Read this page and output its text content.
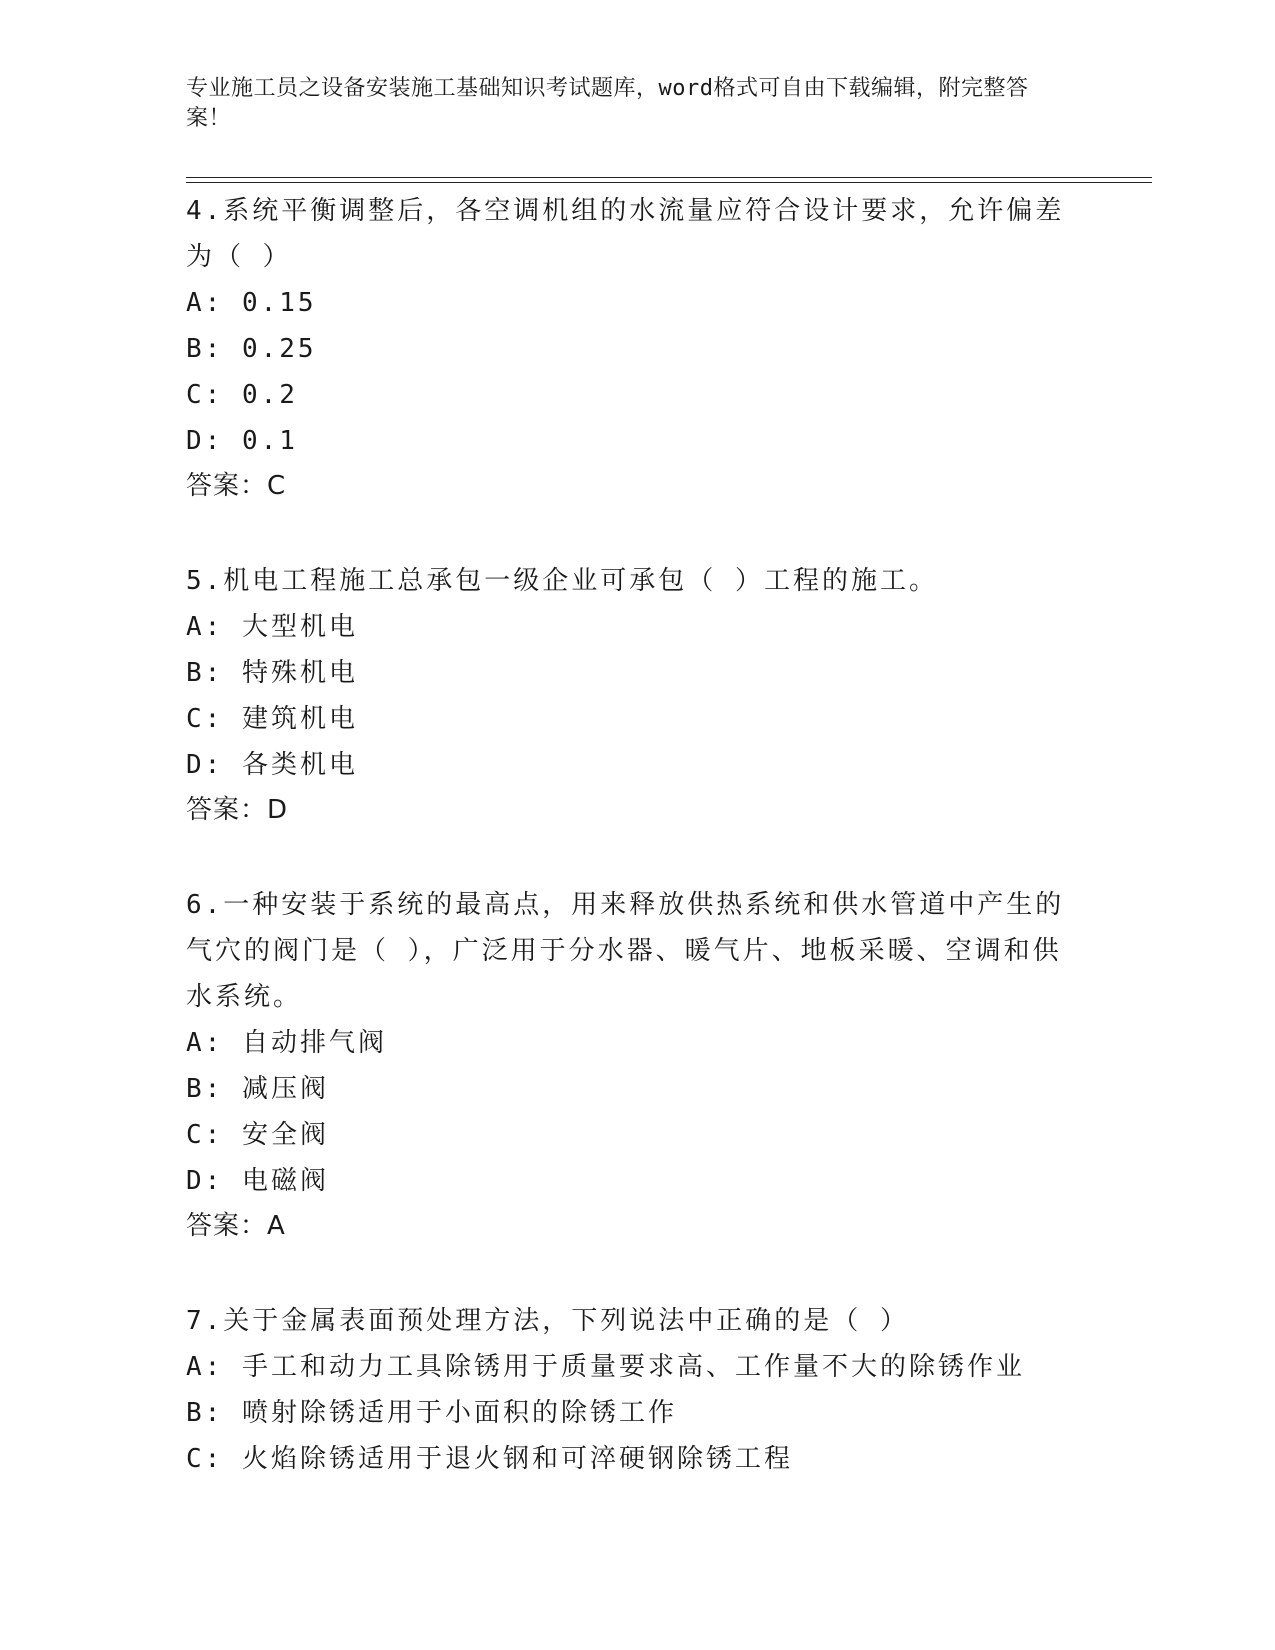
专业施工员之设备安装施工基础知识考试题库，word格式可自由下载编辑，附完整答案！

4.系统平衡调整后，各空调机组的水流量应符合设计要求，允许偏差为（ ）

A: 0.15

B: 0.25

C: 0.2

D: 0.1

答案：C

5.机电工程施工总承包一级企业可承包（ ）工程的施工。

A: 大型机电

B: 特殊机电

C: 建筑机电

D: 各类机电

答案：D

6.一种安装于系统的最高点，用来释放供热系统和供水管道中产生的气穴的阀门是（ ），广泛用于分水器、暖气片、地板采暖、空调和供水系统。

A: 自动排气阀

B: 减压阀

C: 安全阀

D: 电磁阀

答案：A

7.关于金属表面预处理方法，下列说法中正确的是（ ）

A: 手工和动力工具除锈用于质量要求高、工作量不大的除锈作业

B: 喷射除锈适用于小面积的除锈工作

C: 火焰除锈适用于退火钢和可淬硬钢除锈工程
